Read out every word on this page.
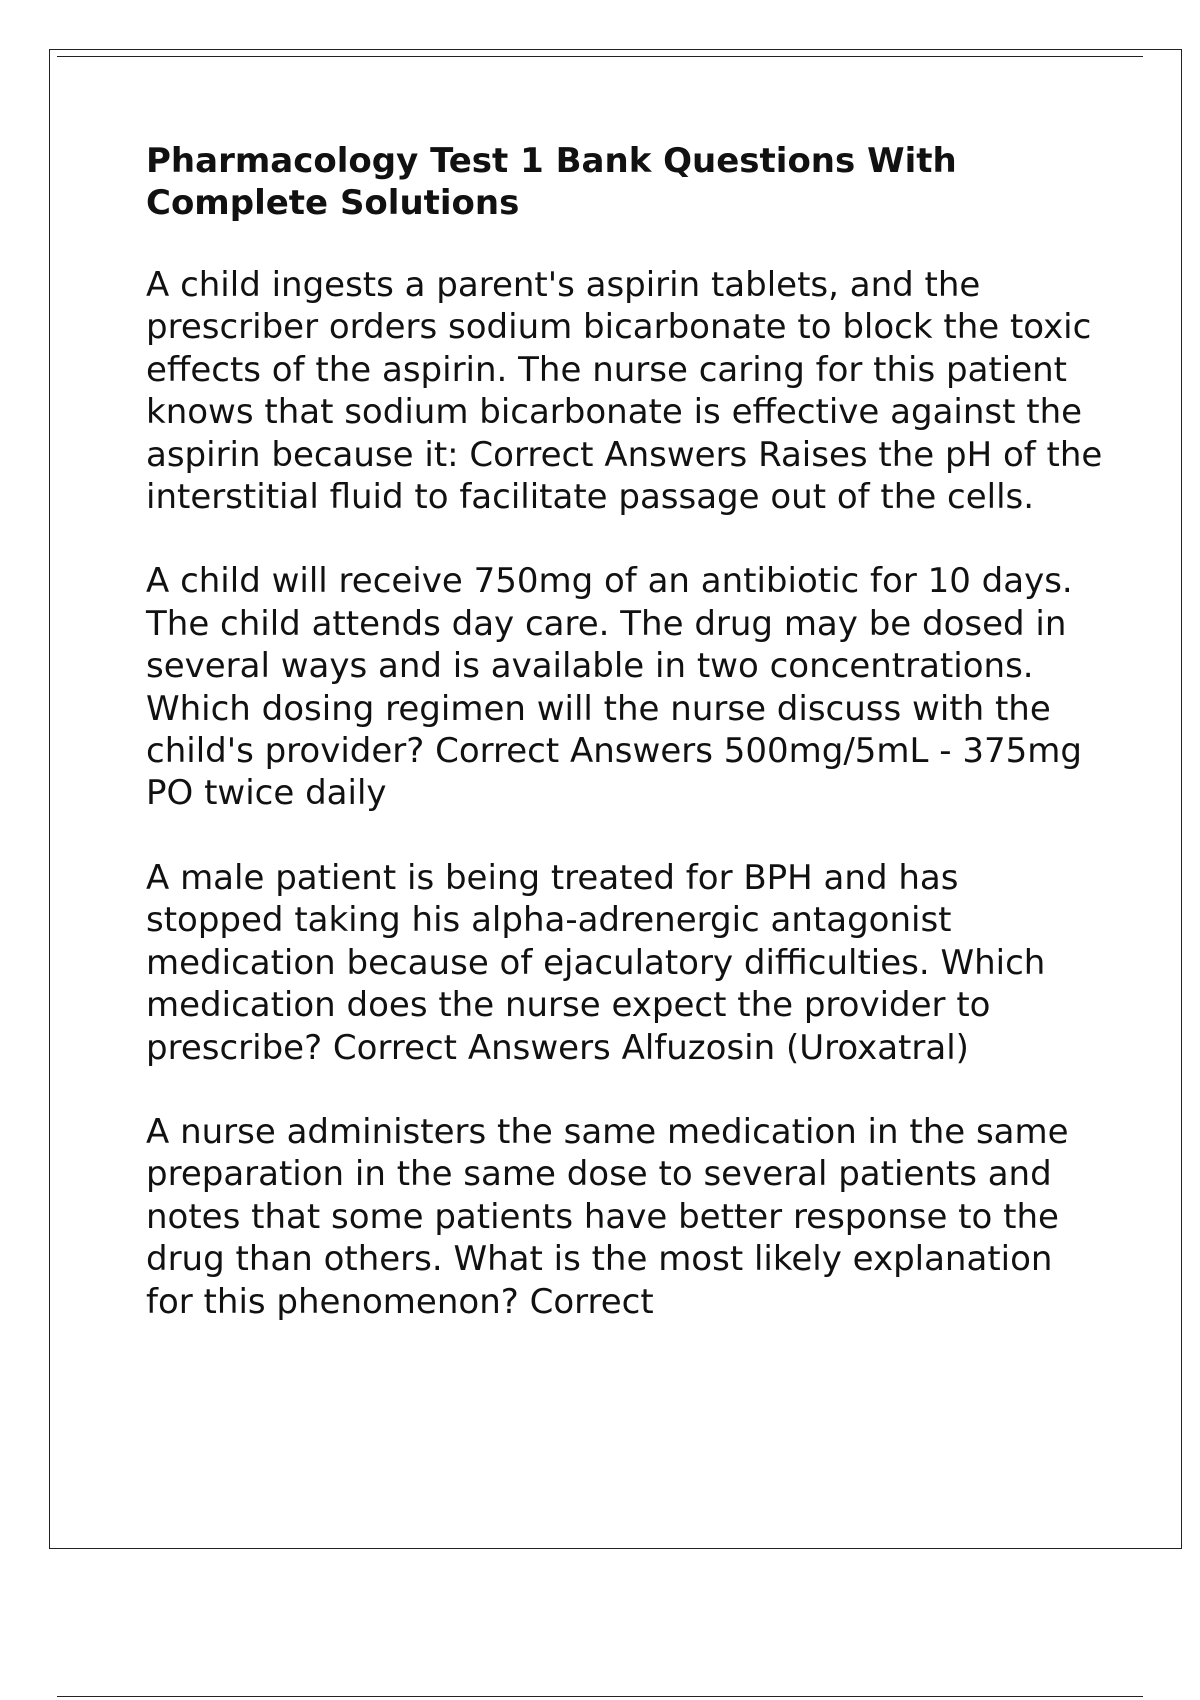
Pharmacology Test 1 Bank Questions With Complete Solutions

A child ingests a parent's aspirin tablets, and the prescriber orders sodium bicarbonate to block the toxic effects of the aspirin. The nurse caring for this patient knows that sodium bicarbonate is effective against the aspirin because it: Correct Answers Raises the pH of the interstitial fluid to facilitate passage out of the cells.

A child will receive 750mg of an antibiotic for 10 days. The child attends day care. The drug may be dosed in several ways and is available in two concentrations. Which dosing regimen will the nurse discuss with the child's provider? Correct Answers 500mg/5mL - 375mg PO twice daily

A male patient is being treated for BPH and has stopped taking his alpha-adrenergic antagonist medication because of ejaculatory difficulties. Which medication does the nurse expect the provider to prescribe? Correct Answers Alfuzosin (Uroxatral)

A nurse administers the same medication in the same preparation in the same dose to several patients and notes that some patients have better response to the drug than others. What is the most likely explanation for this phenomenon? Correct
